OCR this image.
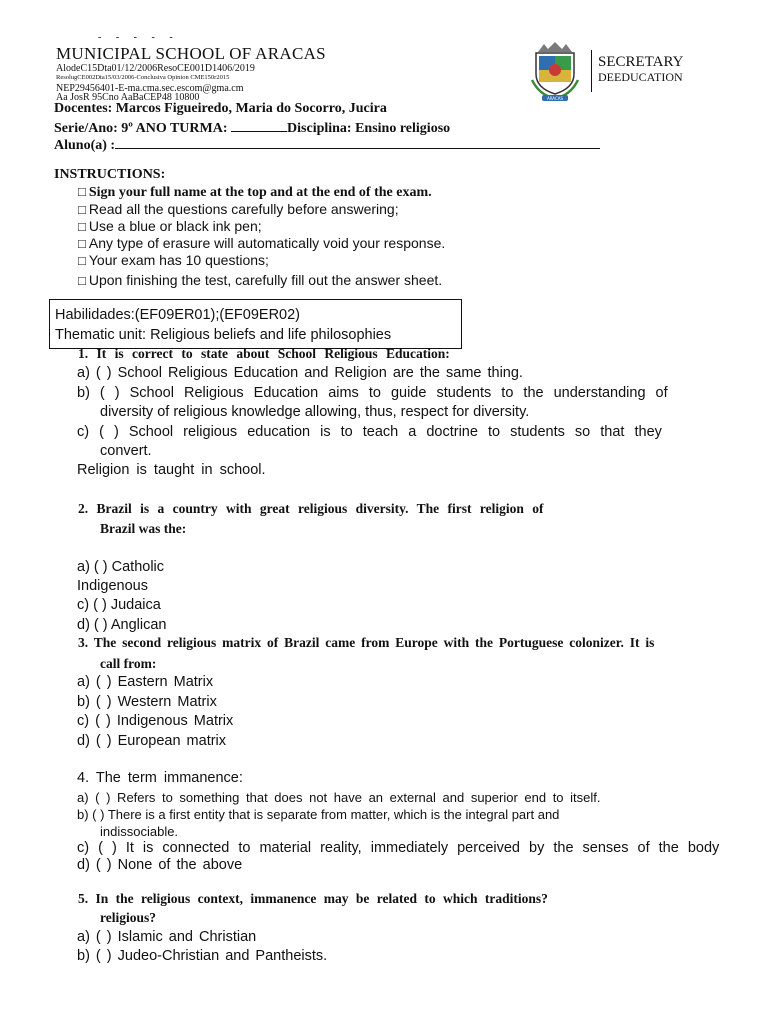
- - - - -
MUNICIPAL SCHOOL OF ARACAS
AlodeC15Dta01/12/2006ResoCE001D1406/2019
ResolugCE002Dta15/03/2006-Conclusiva Opinion CME150r2015
NEP29456401-E-ma.cma.sec.escom@gma.cm
Aa JosR 95Cno AaBaCEP48 10800	ARACAS
SECRETARY
DEEDUCATION
Docentes: Marcos Figueiredo, Maria do Socorro, Jucira
Serie/Ano: 9º ANO TURMA:	Disciplina: Ensino religioso
Aluno(a) :
INSTRUCTIONS:
□ Sign your full name at the top and at the end of the exam.
□ Read all the questions carefully before answering;
□ Use a blue or black ink pen;
□ Any type of erasure will automatically void your response.
□ Your exam has 10 questions;
□ Upon finishing the test, carefully fill out the answer sheet.
Habilidades:(EF09ER01);(EF09ER02)
Thematic unit: Religious beliefs and life philosophies
1. It is correct to state about School Religious Education:
a) ( ) School Religious Education and Religion are the same thing.
b) ( ) School Religious Education aims to guide students to the understanding of
diversity of religious knowledge allowing, thus, respect for diversity.
c) ( ) School religious education is to teach a doctrine to students so that they
convert.
Religion is taught in school.
2. Brazil is a country with great religious diversity. The first religion of
Brazil was the:
a) ( ) Catholic
Indigenous
c) ( ) Judaica
d) ( ) Anglican
3. The second religious matrix of Brazil came from Europe with the Portuguese colonizer. It is
call from:
a) ( ) Eastern Matrix
b) ( ) Western Matrix
c) ( ) Indigenous Matrix
d) ( ) European matrix
4. The term immanence:
a) ( ) Refers to something that does not have an external and superior end to itself.
b) ( ) There is a first entity that is separate from matter, which is the integral part and
indissociable.
c) ( ) It is connected to material reality, immediately perceived by the senses of the body
d) ( ) None of the above
5. In the religious context, immanence may be related to which traditions?
religious?
a) ( ) Islamic and Christian
b) ( ) Judeo-Christian and Pantheists.
